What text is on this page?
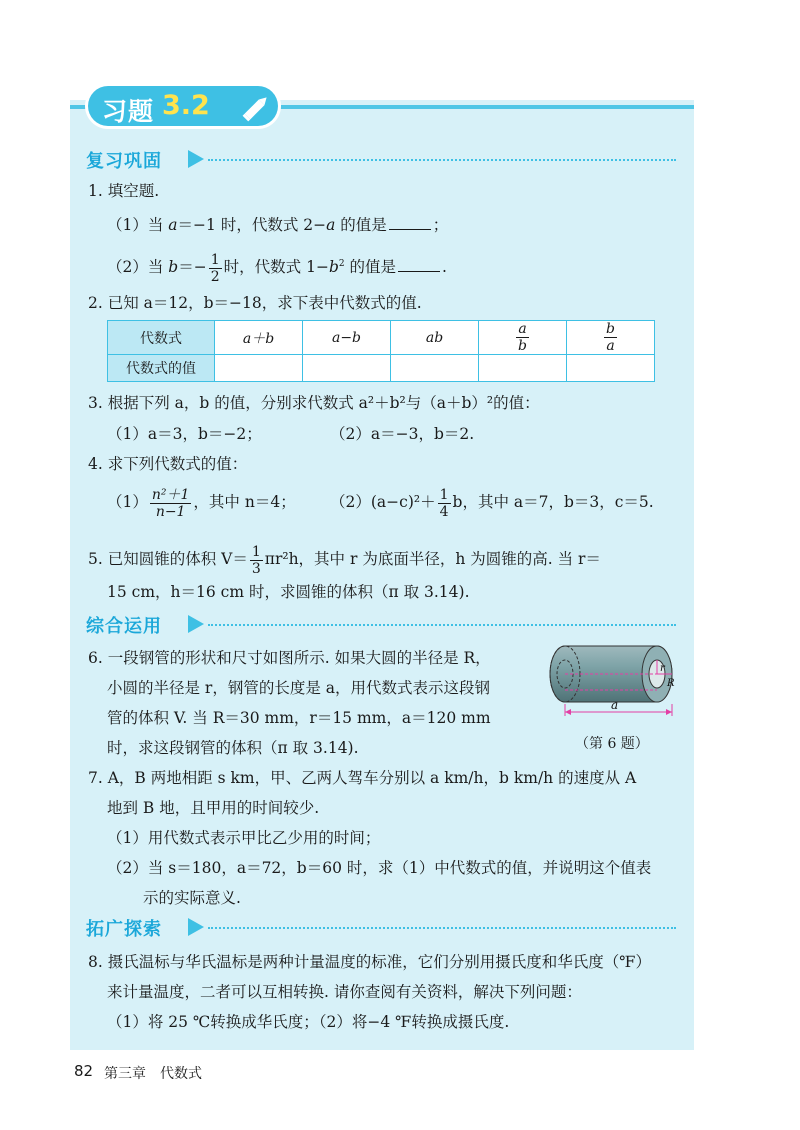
习题 3.2
复习巩固
1. 填空题.
（1）当 a＝−1 时，代数式 2−a 的值是	；
（2）当 $b=- \frac{1}{2}$ 时，代数式 $1-b^2$ 的值是	.
2. 已知 a＝12，b＝−18，求下表中代数式的值.
代数式	a＋b	a−b	ab	$\frac{a}{b}$	$\frac{b}{a}$

代数式的值					
3. 根据下列 a，b 的值，分别求代数式 a²＋b²与（a＋b）²的值：
（1）a＝3，b＝−2；	（2）a＝−3，b＝2.
4. 求下列代数式的值：
$(1) \frac{\text{n²＋1}}{n-1}$ ，其中 n＝4； $(2)(a-c)^2+ \frac{1}{4}$ b，其中 a＝7，b＝3，c＝5.
5. 已知圆锥的体积 $V= \frac{1}{3} \pi r^2h$，其中 r 为底面半径，h 为圆锥的高. 当 r＝
15 cm，h＝16 cm 时，求圆锥的体积（π 取 3.14).
综合运用
6. 一段钢管的形状和尺寸如图所示. 如果大圆的半径是 R，
小圆的半径是 r，钢管的长度是 a，用代数式表示这段钢
管的体积 V. 当 R＝30 mm，r＝15 mm，a＝120 mm
时，求这段钢管的体积（π 取 3.14).
r
R
a
（第 6 题）
7. A，B 两地相距 s km，甲、乙两人驾车分别以 a km/h，b km/h 的速度从 A
地到 B 地，且甲用的时间较少.
（1）用代数式表示甲比乙少用的时间；
（2）当 s＝180，a＝72，b＝60 时，求（1）中代数式的值，并说明这个值表
示的实际意义.
拓广探索
8. 摄氏温标与华氏温标是两种计量温度的标准，它们分别用摄氏度和华氏度（℉）
来计量温度，二者可以互相转换. 请你查阅有关资料，解决下列问题：
（1）将 25 ℃转换成华氏度；（2）将−4 ℉转换成摄氏度.
82 第三章　代数式
